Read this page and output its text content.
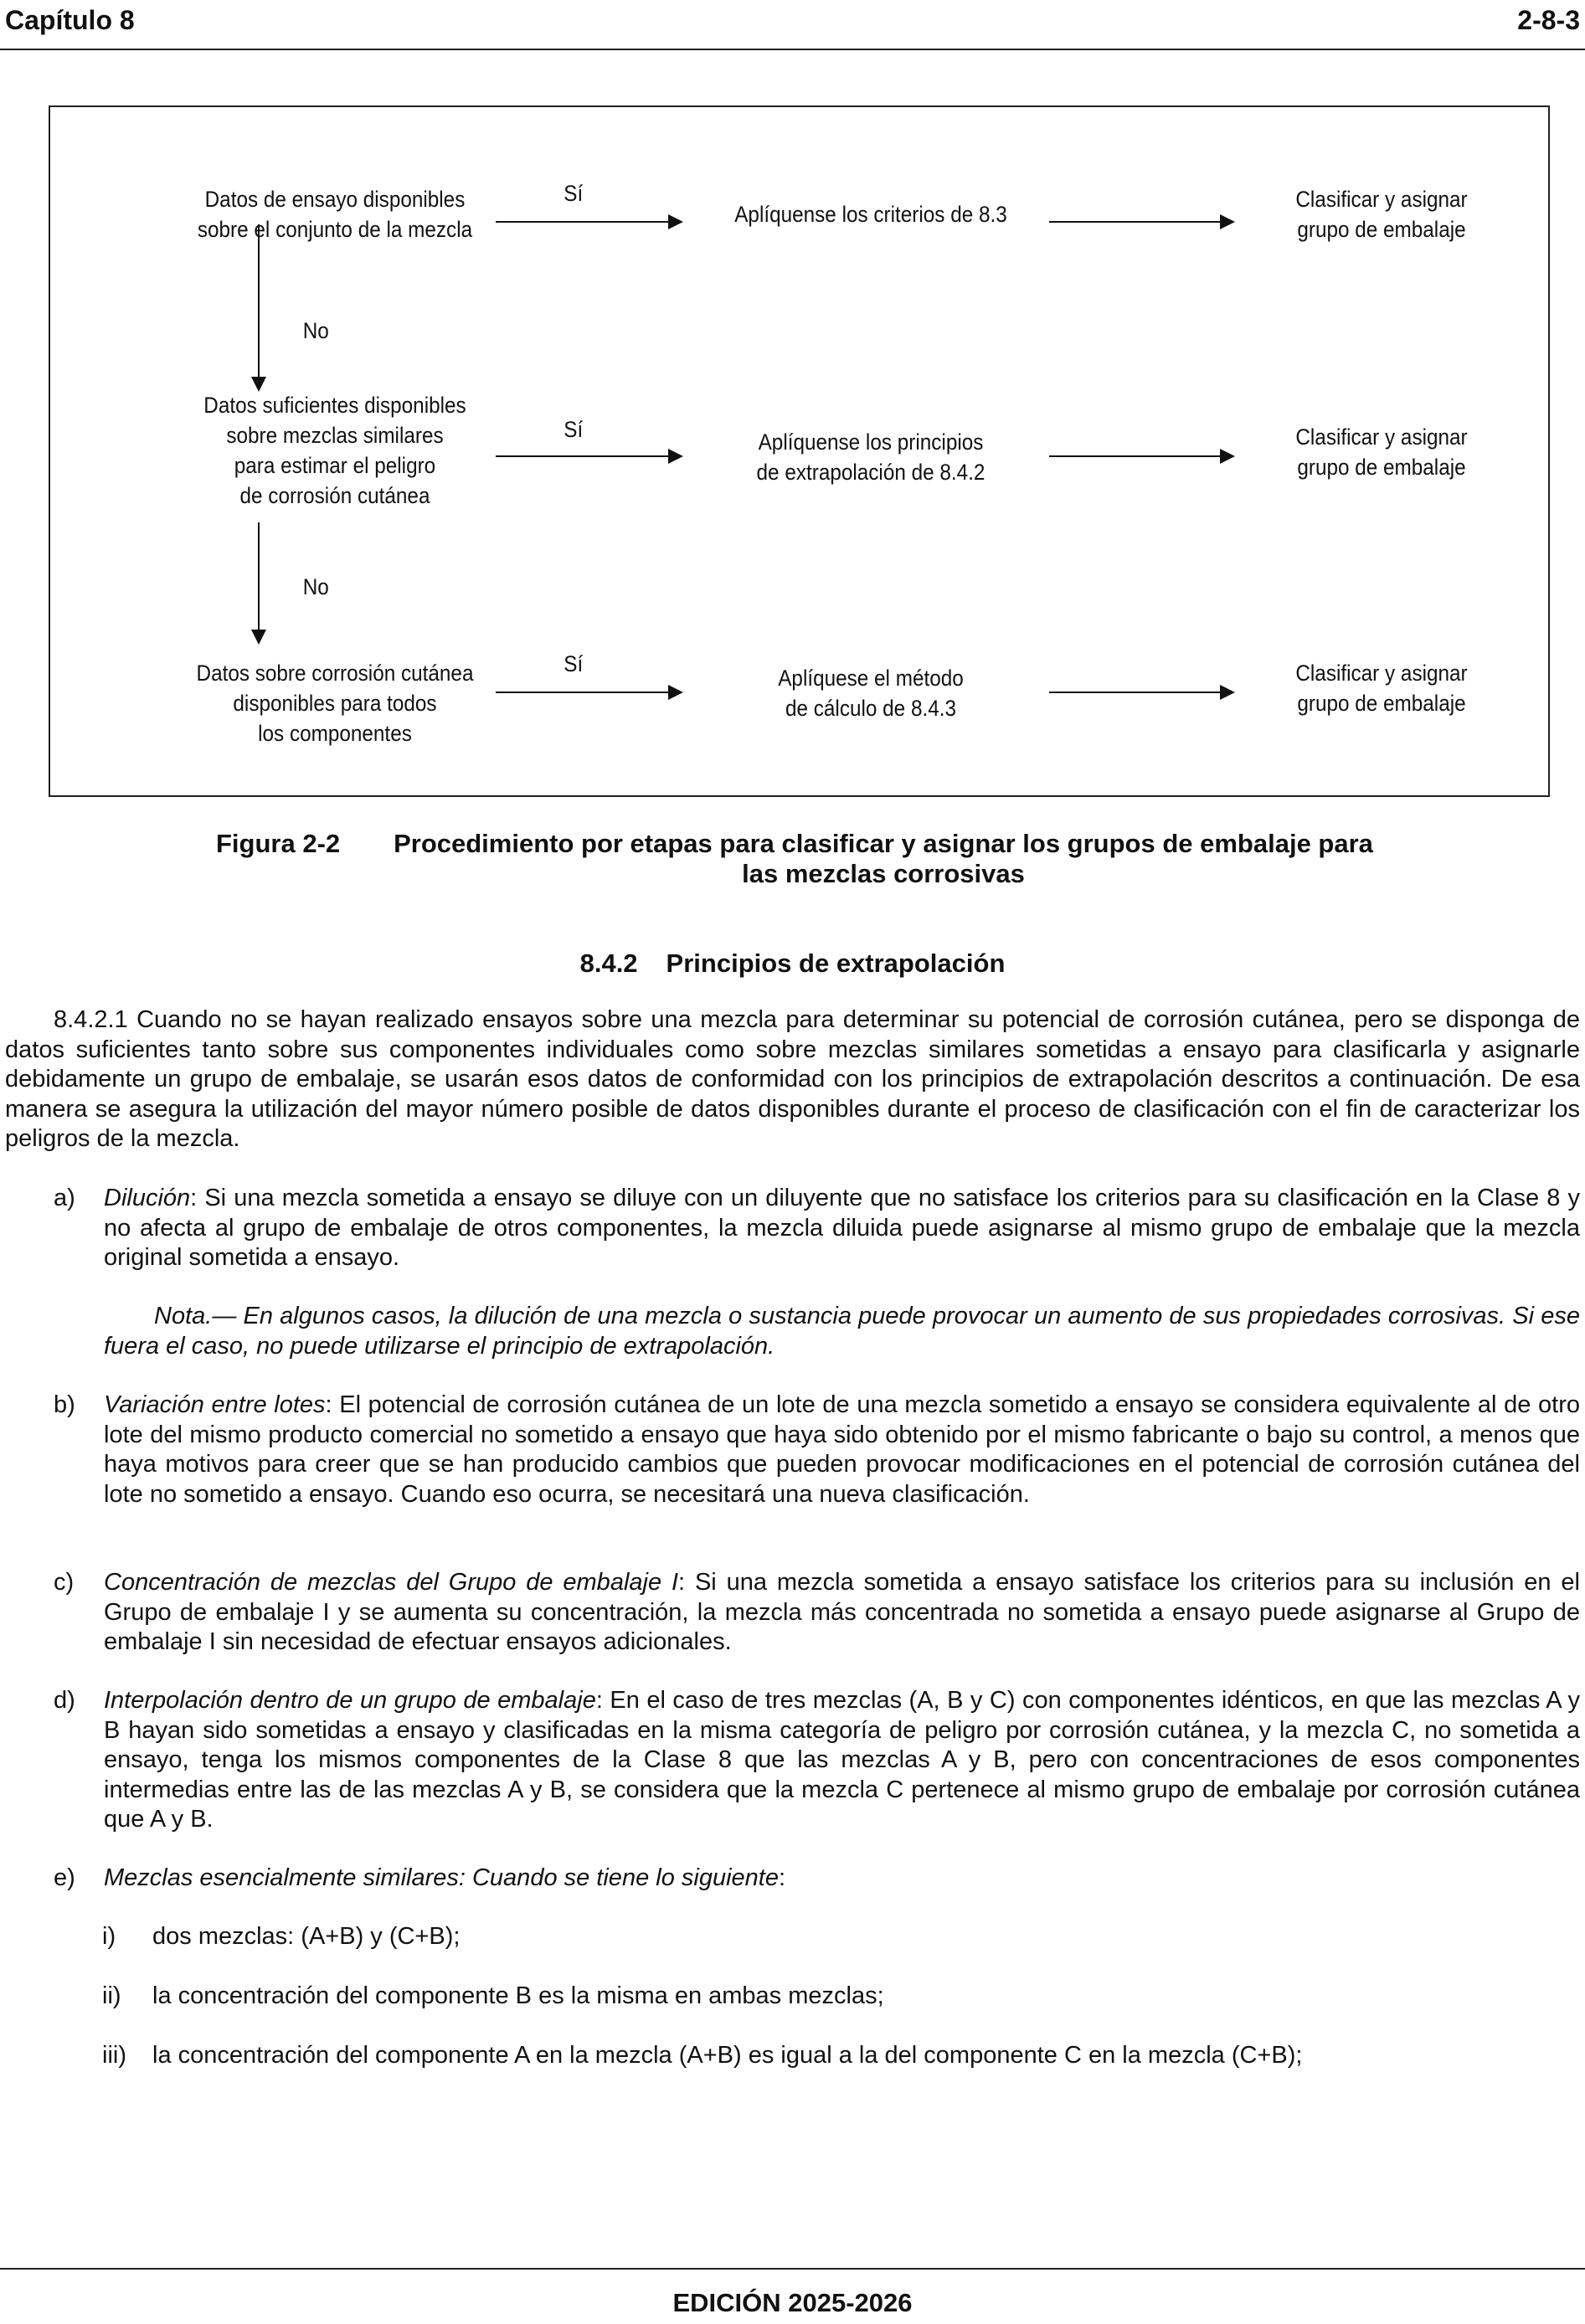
Capítulo 8	2-8-3
Datos de ensayo disponibles
sobre el conjunto de la mezcla
Sí
Aplíquense los criterios de 8.3
Clasificar y asignar
grupo de embalaje
No
Datos suficientes disponibles
sobre mezclas similares
para estimar el peligro
de corrosión cutánea
Sí	Aplíquense los principios
de extrapolación de 8.4.2
Clasificar y asignar
grupo de embalaje
No
Datos sobre corrosión cutánea
disponibles para todos
los componentes
Sí
Aplíquese el método
de cálculo de 8.4.3
Clasificar y asignar
grupo de embalaje
Figura 2-2	Procedimiento por etapas para clasificar y asignar los grupos de embalaje para las mezclas corrosivas
8.4.2 Principios de extrapolación
8.4.2.1 Cuando no se hayan realizado ensayos sobre una mezcla para determinar su potencial de corrosión cutánea, pero se disponga de datos suficientes tanto sobre sus componentes individuales como sobre mezclas similares sometidas a ensayo para clasificarla y asignarle debidamente un grupo de embalaje, se usarán esos datos de conformidad con los principios de extrapolación descritos a continuación. De esa manera se asegura la utilización del mayor número posible de datos disponibles durante el proceso de clasificación con el fin de caracterizar los peligros de la mezcla.
a)	Dilución: Si una mezcla sometida a ensayo se diluye con un diluyente que no satisface los criterios para su clasificación en la Clase 8 y no afecta al grupo de embalaje de otros componentes, la mezcla diluida puede asignarse al mismo grupo de embalaje que la mezcla original sometida a ensayo.
Nota.— En algunos casos, la dilución de una mezcla o sustancia puede provocar un aumento de sus propiedades corrosivas. Si ese fuera el caso, no puede utilizarse el principio de extrapolación.
b)	Variación entre lotes: El potencial de corrosión cutánea de un lote de una mezcla sometido a ensayo se considera equivalente al de otro lote del mismo producto comercial no sometido a ensayo que haya sido obtenido por el mismo fabricante o bajo su control, a menos que haya motivos para creer que se han producido cambios que pueden provocar modificaciones en el potencial de corrosión cutánea del lote no sometido a ensayo. Cuando eso ocurra, se necesitará una nueva clasificación.
c)	Concentración de mezclas del Grupo de embalaje I: Si una mezcla sometida a ensayo satisface los criterios para su inclusión en el Grupo de embalaje I y se aumenta su concentración, la mezcla más concentrada no sometida a ensayo puede asignarse al Grupo de embalaje I sin necesidad de efectuar ensayos adicionales.
d)	Interpolación dentro de un grupo de embalaje: En el caso de tres mezclas (A, B y C) con componentes idénticos, en que las mezclas A y B hayan sido sometidas a ensayo y clasificadas en la misma categoría de peligro por corrosión cutánea, y la mezcla C, no sometida a ensayo, tenga los mismos componentes de la Clase 8 que las mezclas A y B, pero con concentraciones de esos componentes intermedias entre las de las mezclas A y B, se considera que la mezcla C pertenece al mismo grupo de embalaje por corrosión cutánea que A y B.
e)	Mezclas esencialmente similares: Cuando se tiene lo siguiente:
i) dos mezclas: (A+B) y (C+B);
ii) la concentración del componente B es la misma en ambas mezclas;
iii) la concentración del componente A en la mezcla (A+B) es igual a la del componente C en la mezcla (C+B);
EDICIÓN 2025-2026
